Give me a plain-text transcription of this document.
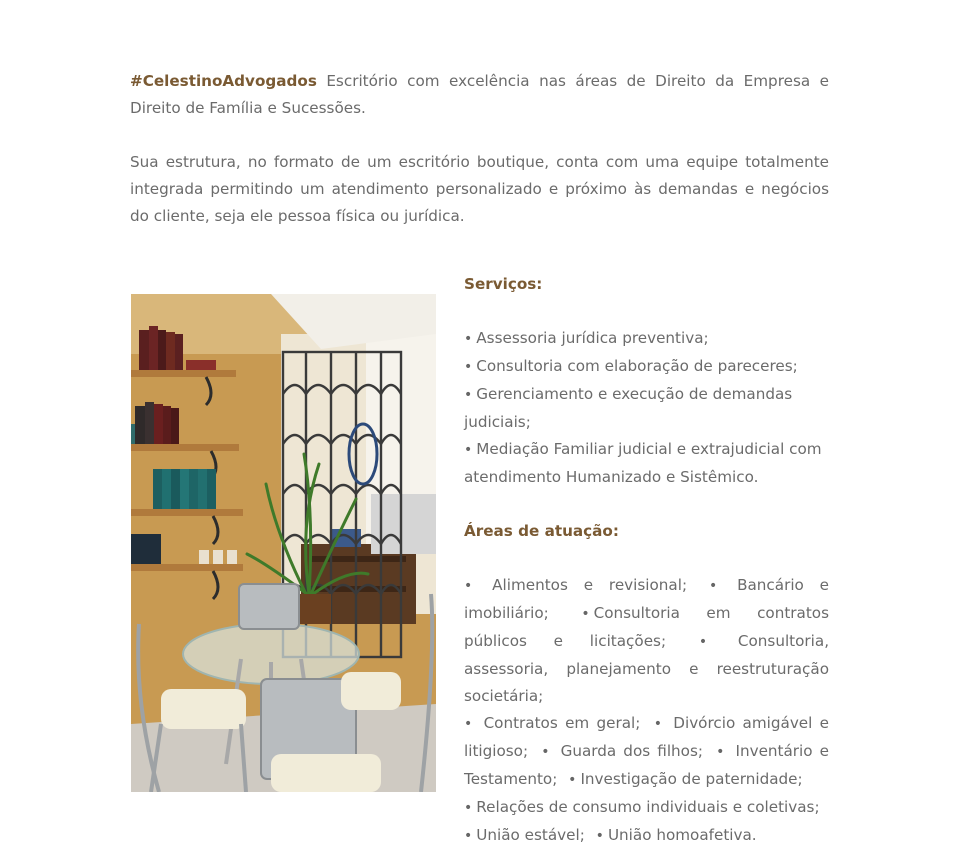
#CelestinoAdvogados Escritório com excelência nas áreas de Direito da Empresa e Direito de Família e Sucessões.

Sua estrutura, no formato de um escritório boutique, conta com uma equipe totalmente integrada permitindo um atendimento personalizado e próximo às demandas e negócios do cliente, seja ele pessoa física ou jurídica.

Serviços:
• Assessoria jurídica preventiva;
• Consultoria com elaboração de pareceres;
• Gerenciamento e execução de demandas judiciais;
• Mediação Familiar judicial e extrajudicial com atendimento Humanizado e Sistêmico.
Áreas de atuação:
• Alimentos e revisional; • Bancário e imobiliário; • Consultoria em contratos públicos e licitações; • Consultoria, assessoria, planejamento e reestruturação societária;
• Contratos em geral; • Divórcio amigável e litigioso; • Guarda dos filhos; • Inventário e Testamento; • Investigação de paternidade;
• Relações de consumo individuais e coletivas;
• União estável; • União homoafetiva.
